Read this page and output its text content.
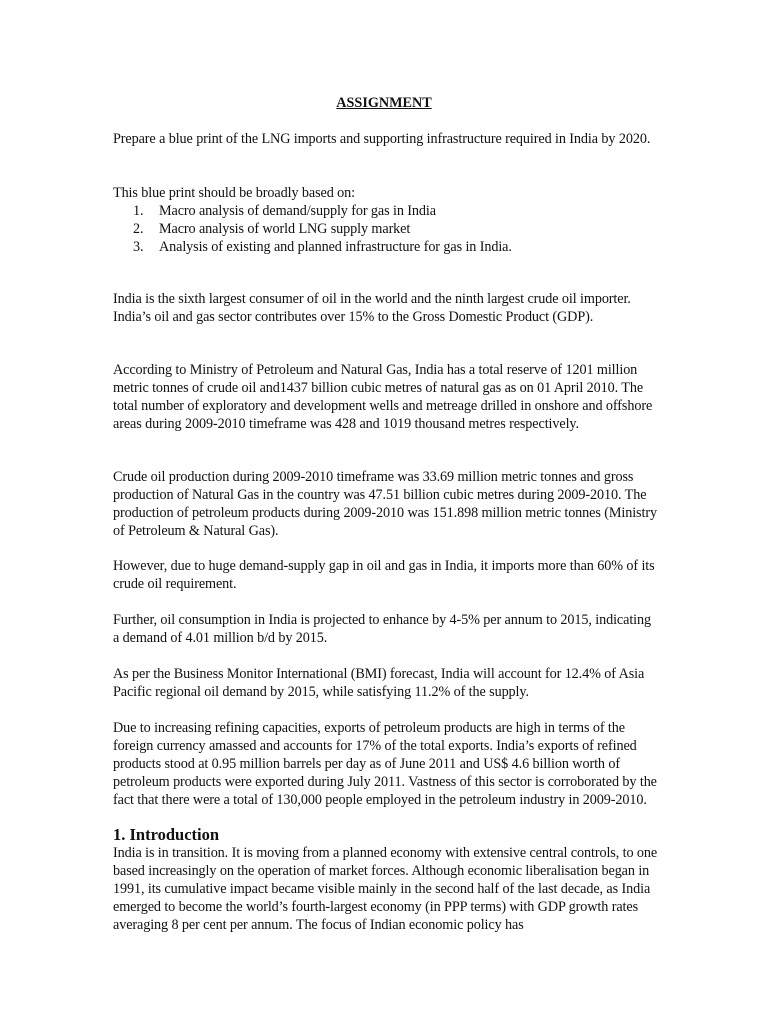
ASSIGNMENT

Prepare a blue print of the LNG imports and supporting infrastructure required in India by 2020.

This blue print should be broadly based on:

1. Macro analysis of demand/supply for gas in India
2. Macro analysis of world LNG supply market
3. Analysis of existing and planned infrastructure for gas in India.

India is the sixth largest consumer of oil in the world and the ninth largest crude oil importer. India’s oil and gas sector contributes over 15% to the Gross Domestic Product (GDP).

According to Ministry of Petroleum and Natural Gas, India has a total reserve of 1201 million metric tonnes of crude oil and1437 billion cubic metres of natural gas as on 01 April 2010. The total number of exploratory and development wells and metreage drilled in onshore and offshore areas during 2009-2010 timeframe was 428 and 1019 thousand metres respectively.

Crude oil production during 2009-2010 timeframe was 33.69 million metric tonnes and gross production of Natural Gas in the country was 47.51 billion cubic metres during 2009-2010. The production of petroleum products during 2009-2010 was 151.898 million metric tonnes (Ministry of Petroleum & Natural Gas).

However, due to huge demand-supply gap in oil and gas in India, it imports more than 60% of its crude oil requirement.

Further, oil consumption in India is projected to enhance by 4-5% per annum to 2015, indicating a demand of 4.01 million b/d by 2015.

As per the Business Monitor International (BMI) forecast, India will account for 12.4% of Asia Pacific regional oil demand by 2015, while satisfying 11.2% of the supply.

Due to increasing refining capacities, exports of petroleum products are high in terms of the foreign currency amassed and accounts for 17% of the total exports. India’s exports of refined products stood at 0.95 million barrels per day as of June 2011 and US$ 4.6 billion worth of petroleum products were exported during July 2011. Vastness of this sector is corroborated by the fact that there were a total of 130,000 people employed in the petroleum industry in 2009-2010.

1. Introduction

India is in transition. It is moving from a planned economy with extensive central controls, to one based increasingly on the operation of market forces. Although economic liberalisation began in 1991, its cumulative impact became visible mainly in the second half of the last decade, as India emerged to become the world’s fourth-largest economy (in PPP terms) with GDP growth rates averaging 8 per cent per annum. The focus of Indian economic policy has
